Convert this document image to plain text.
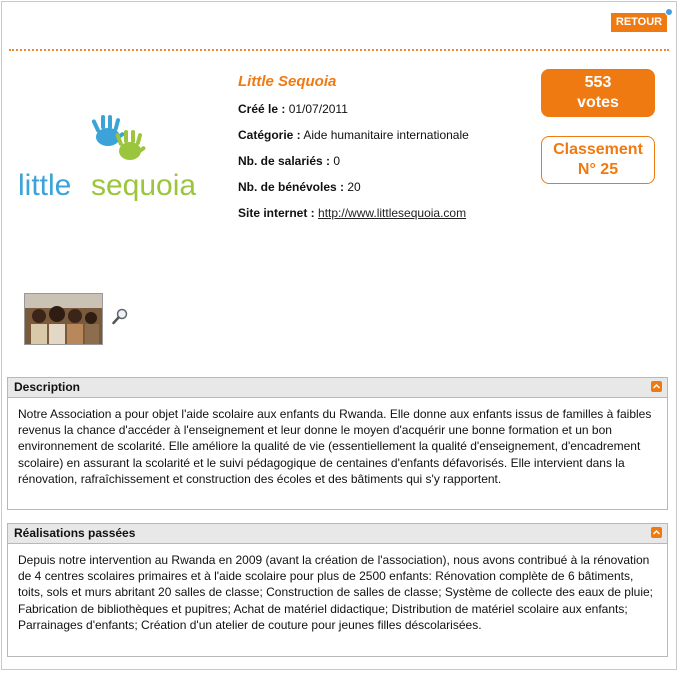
RETOUR
little sequoia
Little Sequoia
Créé le : 01/07/2011
Catégorie : Aide humanitaire internationale
Nb. de salariés : 0
Nb. de bénévoles : 20
Site internet : http://www.littlesequoia.com
553
votes
Classement
N° 25
Description
Notre Association a pour objet l'aide scolaire aux enfants du Rwanda. Elle donne aux enfants issus de familles à faibles revenus la chance d'accéder à l'enseignement et leur donne le moyen d'acquérir une bonne formation et un bon environnement de scolarité. Elle améliore la qualité de vie (essentiellement la qualité d'enseignement, d'encadrement scolaire) en assurant la scolarité et le suivi pédagogique de centaines d'enfants défavorisés. Elle intervient dans la rénovation, rafraîchissement et construction des écoles et des bâtiments qui s'y rapportent.
Réalisations passées
Depuis notre intervention au Rwanda en 2009 (avant la création de l'association), nous avons contribué à la rénovation de 4 centres scolaires primaires et à l'aide scolaire pour plus de 2500 enfants: Rénovation complète de 6 bâtiments, toits, sols et murs abritant 20 salles de classe; Construction de salles de classe; Système de collecte des eaux de pluie; Fabrication de bibliothèques et pupitres; Achat de matériel didactique; Distribution de matériel scolaire aux enfants; Parrainages d'enfants; Création d'un atelier de couture pour jeunes filles déscolarisées.
